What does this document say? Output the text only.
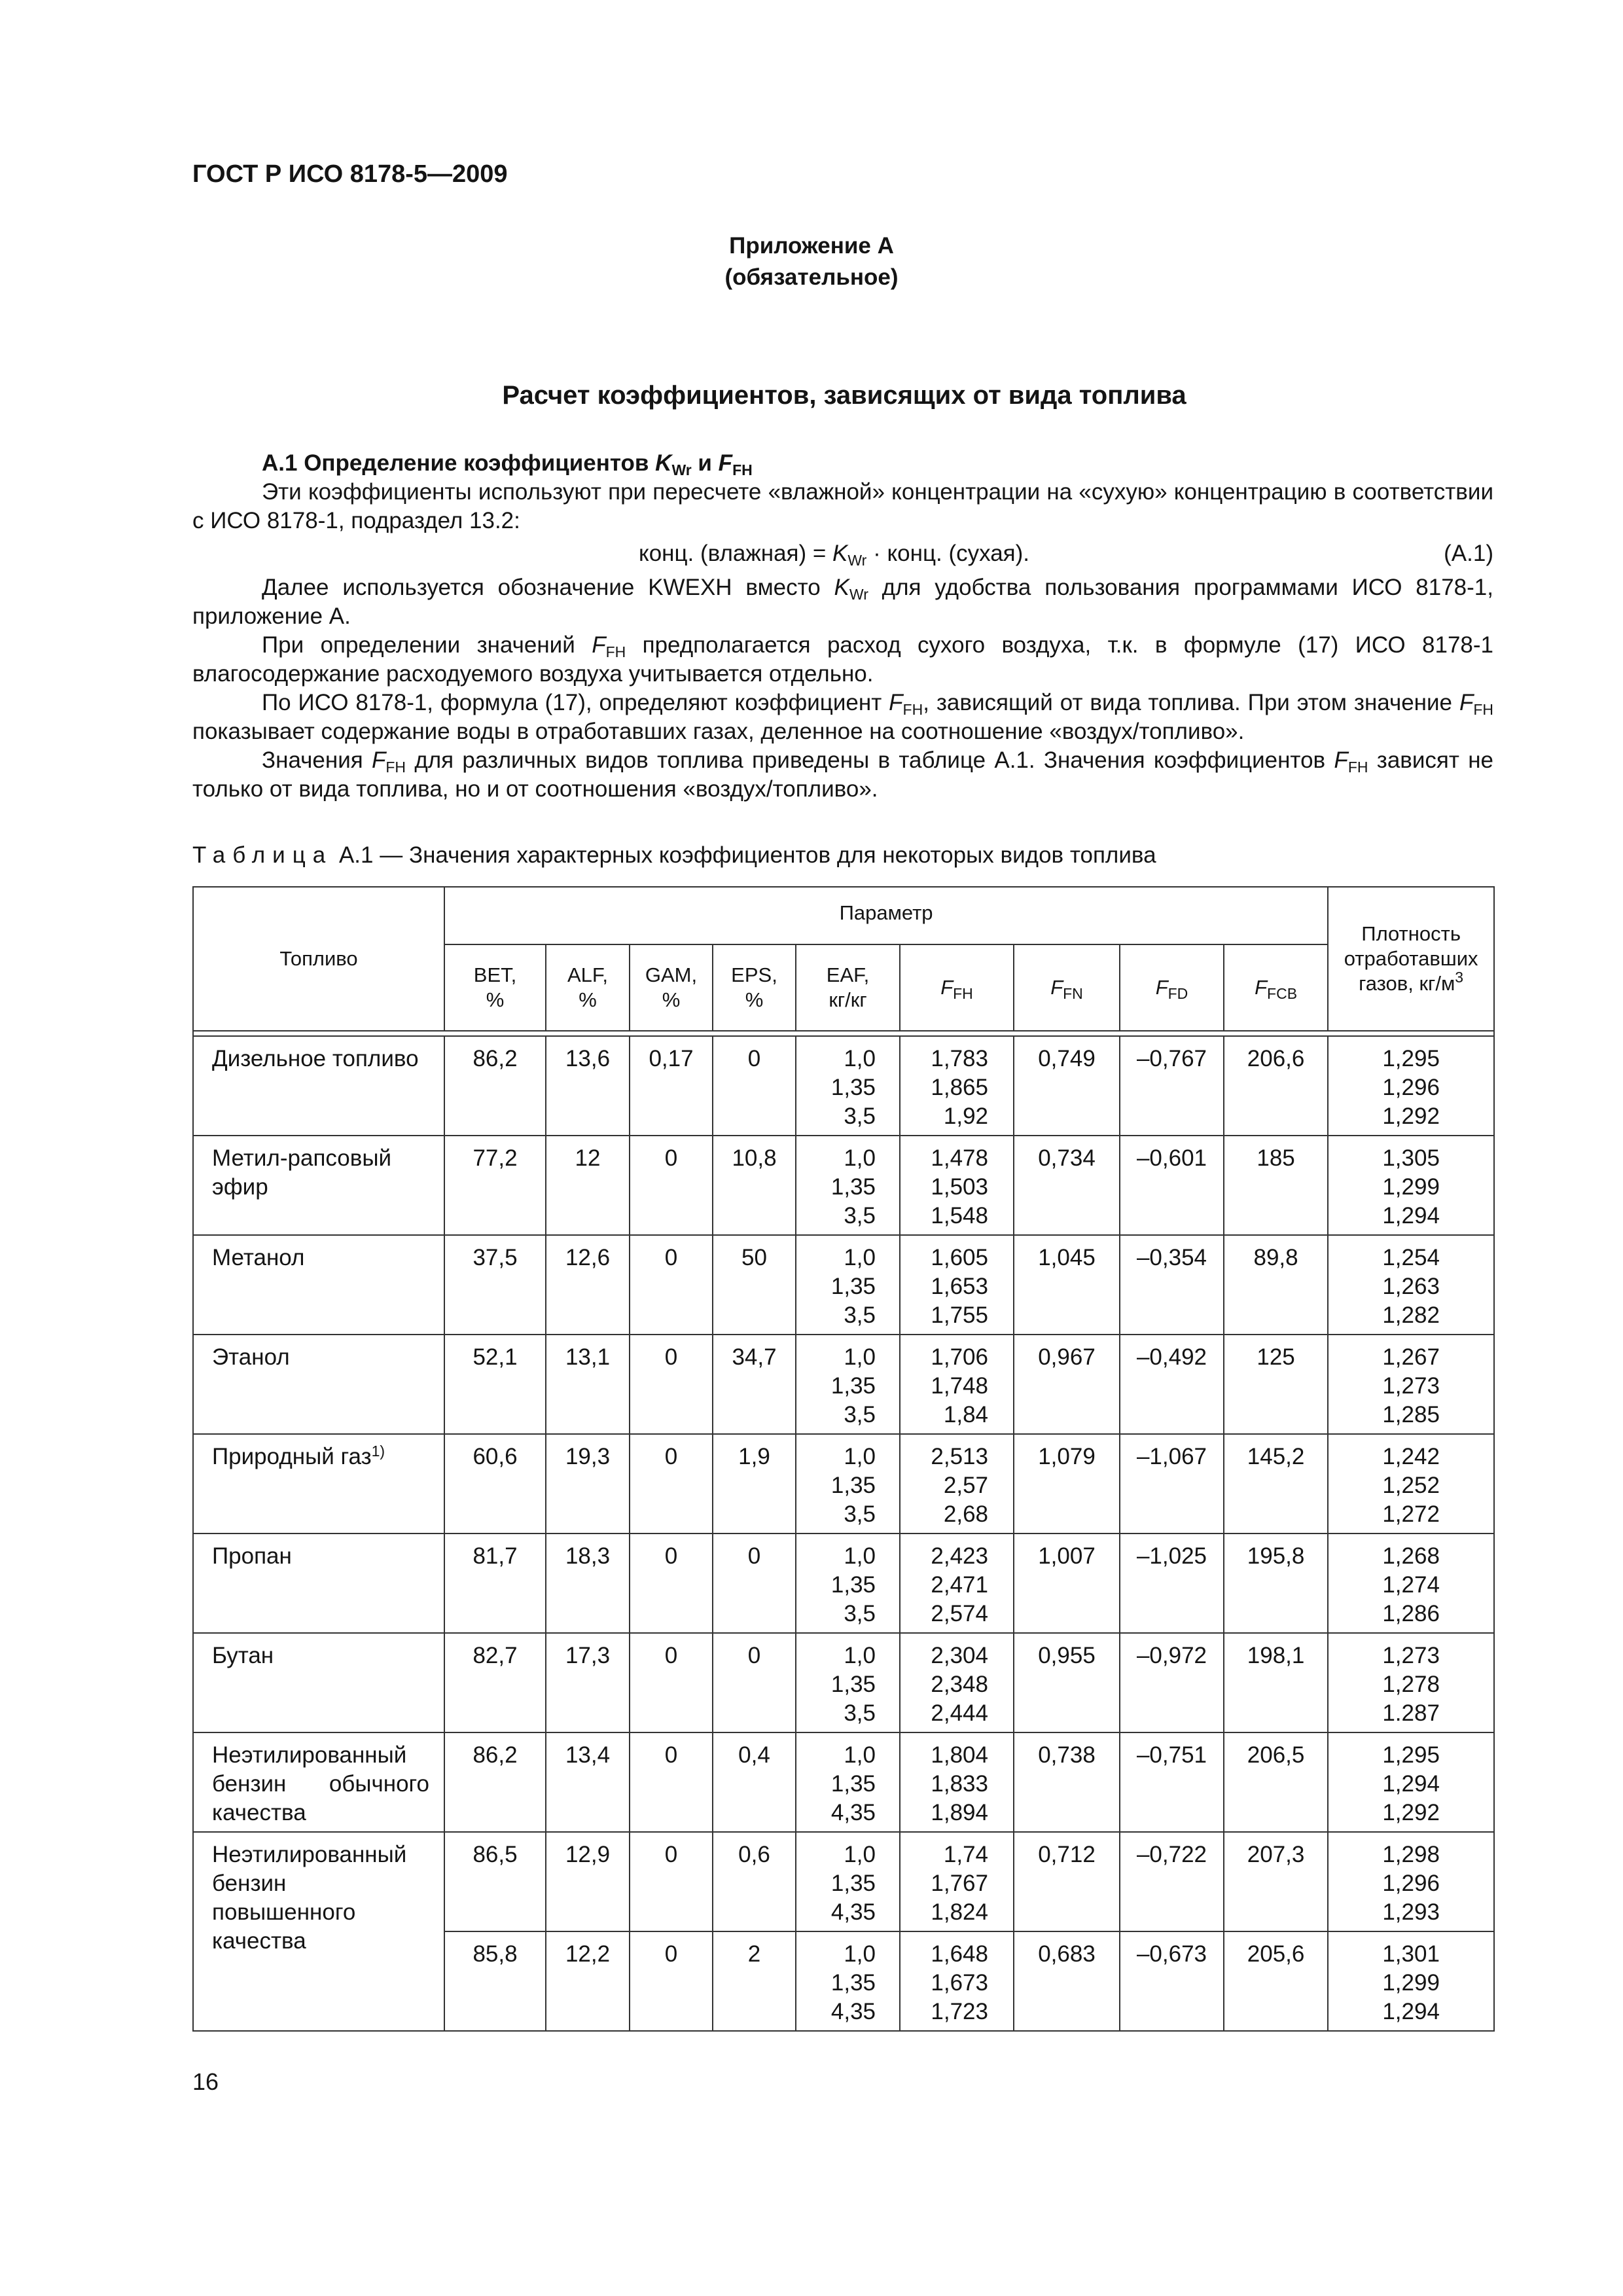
ГОСТ Р ИСО 8178-5—2009
Приложение А
(обязательное)
Расчет коэффициентов, зависящих от вида топлива

А.1 Определение коэффициентов $K_{Wr}$ и $F_{FH}$

Эти коэффициенты используют при пересчете «влажной» концентрации на «сухую» концентрацию в соответствии с ИСО 8178-1, подраздел 13.2:

конц. (влажная) = $K_{Wr}$ · конц. (сухая).	(А.1)

Далее используется обозначение KWEXH вместо $K_{Wr}$ для удобства пользования программами ИСО 8178-1, приложение А.

При определении значений $F_{FH}$ предполагается расход сухого воздуха, т.к. в формуле (17) ИСО 8178-1 влагосодержание расходуемого воздуха учитывается отдельно.

По ИСО 8178-1, формула (17), определяют коэффициент $F_{FH}$, зависящий от вида топлива. При этом значение $F_{FH}$ показывает содержание воды в отработавших газах, деленное на соотношение «воздух/топливо».

Значения $F_{FH}$ для различных видов топлива приведены в таблице А.1. Значения коэффициентов $F_{FH}$ зависят не только от вида топлива, но и от соотношения «воздух/топливо».

Таблица А.1 — Значения характерных коэффициентов для некоторых видов топлива
Топливо	Параметр									Плотность
отработавших
газов, $кг/м^3$

	BET,
%	ALF,
%	GAM,
%	EPS,
%	EAF,
кг/кг	$F_{FH}$	$F_{FN}$	$F_{FD}$	$F_{FCB}$

Дизельное топливо	86,2	13,6	0,17	0	1,0
1,35
3,5	1,783
1,865
1,92	0,749	–0,767	206,6	1,295
1,296
1,292

Метил-рапсовый эфир	77,2	12	0	10,8	1,0
1,35
3,5	1,478
1,503
1,548	0,734	–0,601	185	1,305
1,299
1,294

Метанол	37,5	12,6	0	50	1,0
1,35
3,5	1,605
1,653
1,755	1,045	–0,354	89,8	1,254
1,263
1,282

Этанол	52,1	13,1	0	34,7	1,0
1,35
3,5	1,706
1,748
1,84	0,967	–0,492	125	1,267
1,273
1,285

Природный газ$^{1)}$	60,6	19,3	0	1,9	1,0
1,35
3,5	2,513
2,57
2,68	1,079	–1,067	145,2	1,242
1,252
1,272

Пропан	81,7	18,3	0	0	1,0
1,35
3,5	2,423
2,471
2,574	1,007	–1,025	195,8	1,268
1,274
1,286

Бутан	82,7	17,3	0	0	1,0
1,35
3,5	2,304
2,348
2,444	0,955	–0,972	198,1	1,273
1,278
1.287

Неэтилированный бензин обычного качества	86,2	13,4	0	0,4	1,0
1,35
4,35	1,804
1,833
1,894	0,738	–0,751	206,5	1,295
1,294
1,292

Неэтилированный бензин повышенного качества	86,5	12,9	0	0,6	1,0
1,35
4,35	1,74
1,767
1,824	0,712	–0,722	207,3	1,298
1,296
1,293

	85,8	12,2	0	2	1,0
1,35
4,35	1,648
1,673
1,723	0,683	–0,673	205,6	1,301
1,299
1,294
16
